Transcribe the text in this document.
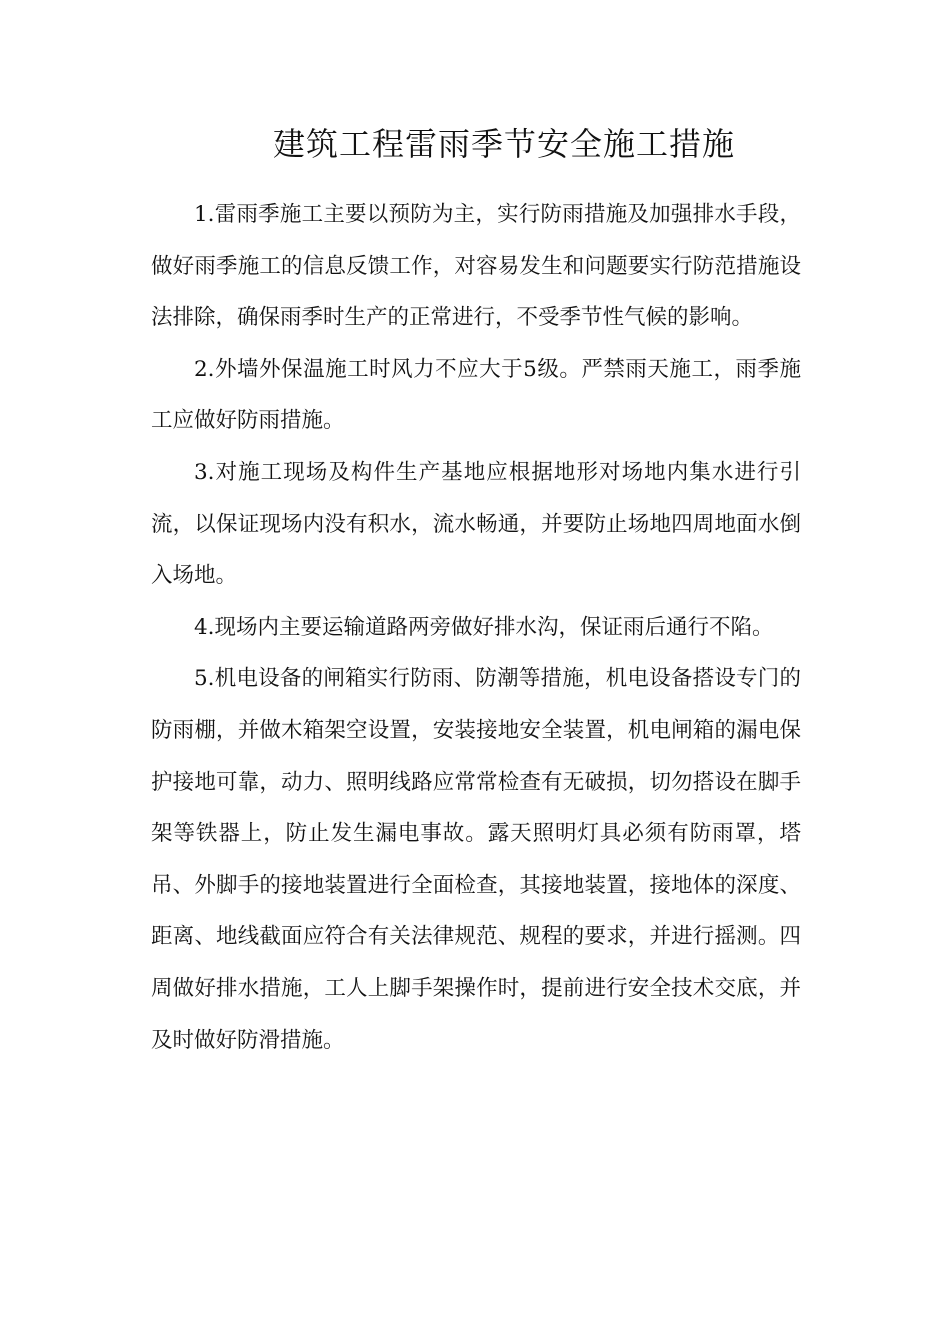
建筑工程雷雨季节安全施工措施

1.雷雨季施工主要以预防为主，实行防雨措施及加强排水手段，做好雨季施工的信息反馈工作，对容易发生和问题要实行防范措施设法排除，确保雨季时生产的正常进行，不受季节性气候的影响。

2.外墙外保温施工时风力不应大于5级。严禁雨天施工，雨季施工应做好防雨措施。

3.对施工现场及构件生产基地应根据地形对场地内集水进行引流，以保证现场内没有积水，流水畅通，并要防止场地四周地面水倒入场地。

4.现场内主要运输道路两旁做好排水沟，保证雨后通行不陷。

5.机电设备的闸箱实行防雨、防潮等措施，机电设备搭设专门的防雨棚，并做木箱架空设置，安装接地安全装置，机电闸箱的漏电保护接地可靠，动力、照明线路应常常检查有无破损，切勿搭设在脚手架等铁器上，防止发生漏电事故。露天照明灯具必须有防雨罩，塔吊、外脚手的接地装置进行全面检查，其接地装置，接地体的深度、距离、地线截面应符合有关法律规范、规程的要求，并进行摇测。四周做好排水措施，工人上脚手架操作时，提前进行安全技术交底，并及时做好防滑措施。
